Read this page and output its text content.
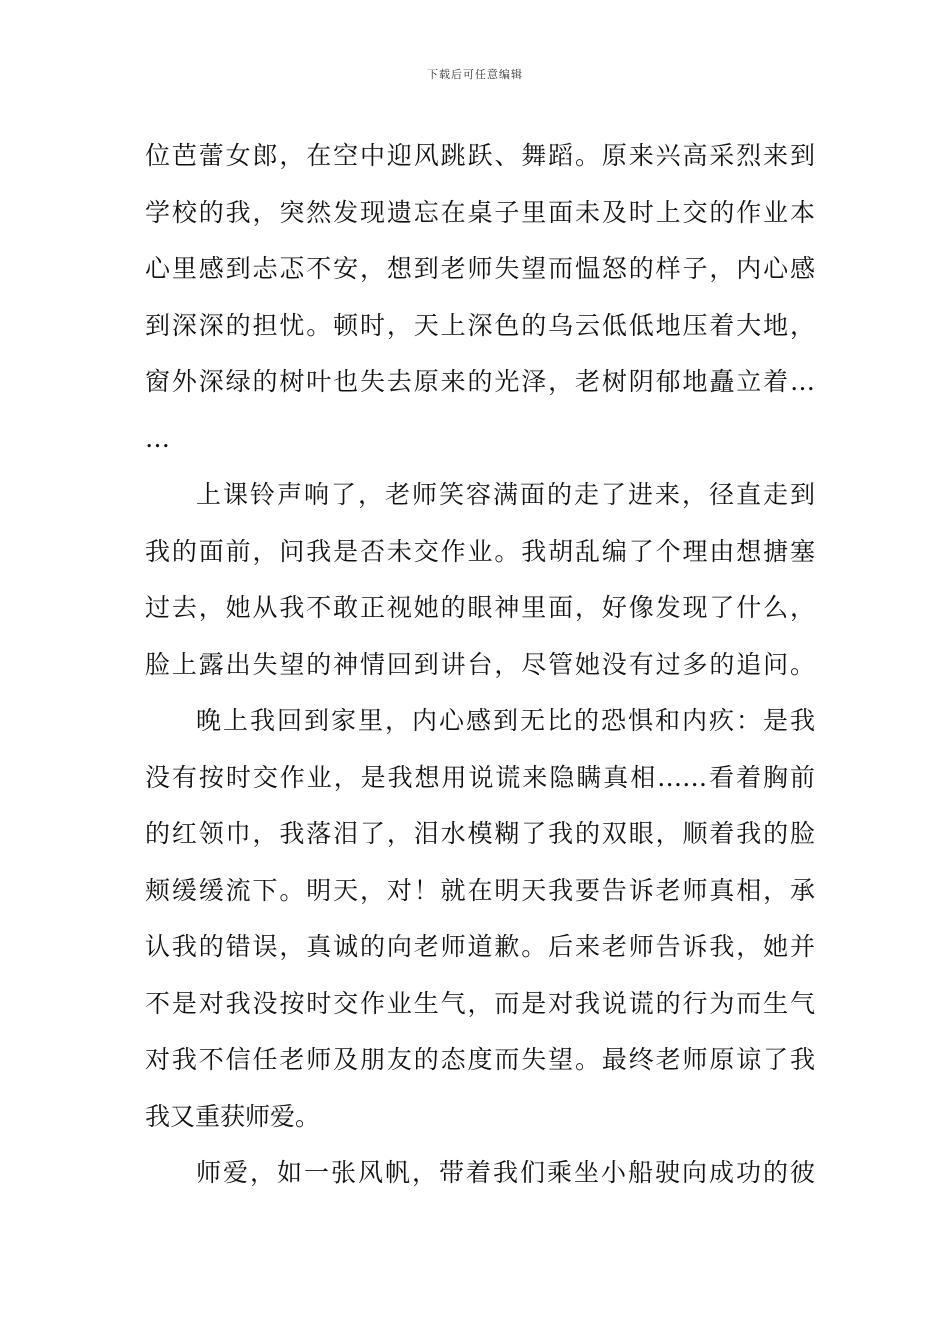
下载后可任意编辑
位芭蕾女郎，在空中迎风跳跃、舞蹈。原来兴高采烈来到
学校的我，突然发现遗忘在桌子里面未及时上交的作业本
心里感到忐忑不安，想到老师失望而愠怒的样子，内心感
到深深的担忧。顿时，天上深色的乌云低低地压着大地，
窗外深绿的树叶也失去原来的光泽，老树阴郁地矗立着…
…
上课铃声响了，老师笑容满面的走了进来，径直走到
我的面前，问我是否未交作业。我胡乱编了个理由想搪塞
过去，她从我不敢正视她的眼神里面，好像发现了什么，
脸上露出失望的神情回到讲台，尽管她没有过多的追问。
晚上我回到家里，内心感到无比的恐惧和内疚：是我
没有按时交作业，是我想用说谎来隐瞒真相……看着胸前
的红领巾，我落泪了，泪水模糊了我的双眼，顺着我的脸
颊缓缓流下。明天，对！就在明天我要告诉老师真相，承
认我的错误，真诚的向老师道歉。后来老师告诉我，她并
不是对我没按时交作业生气，而是对我说谎的行为而生气
对我不信任老师及朋友的态度而失望。最终老师原谅了我
我又重获师爱。
师爱，如一张风帆，带着我们乘坐小船驶向成功的彼
